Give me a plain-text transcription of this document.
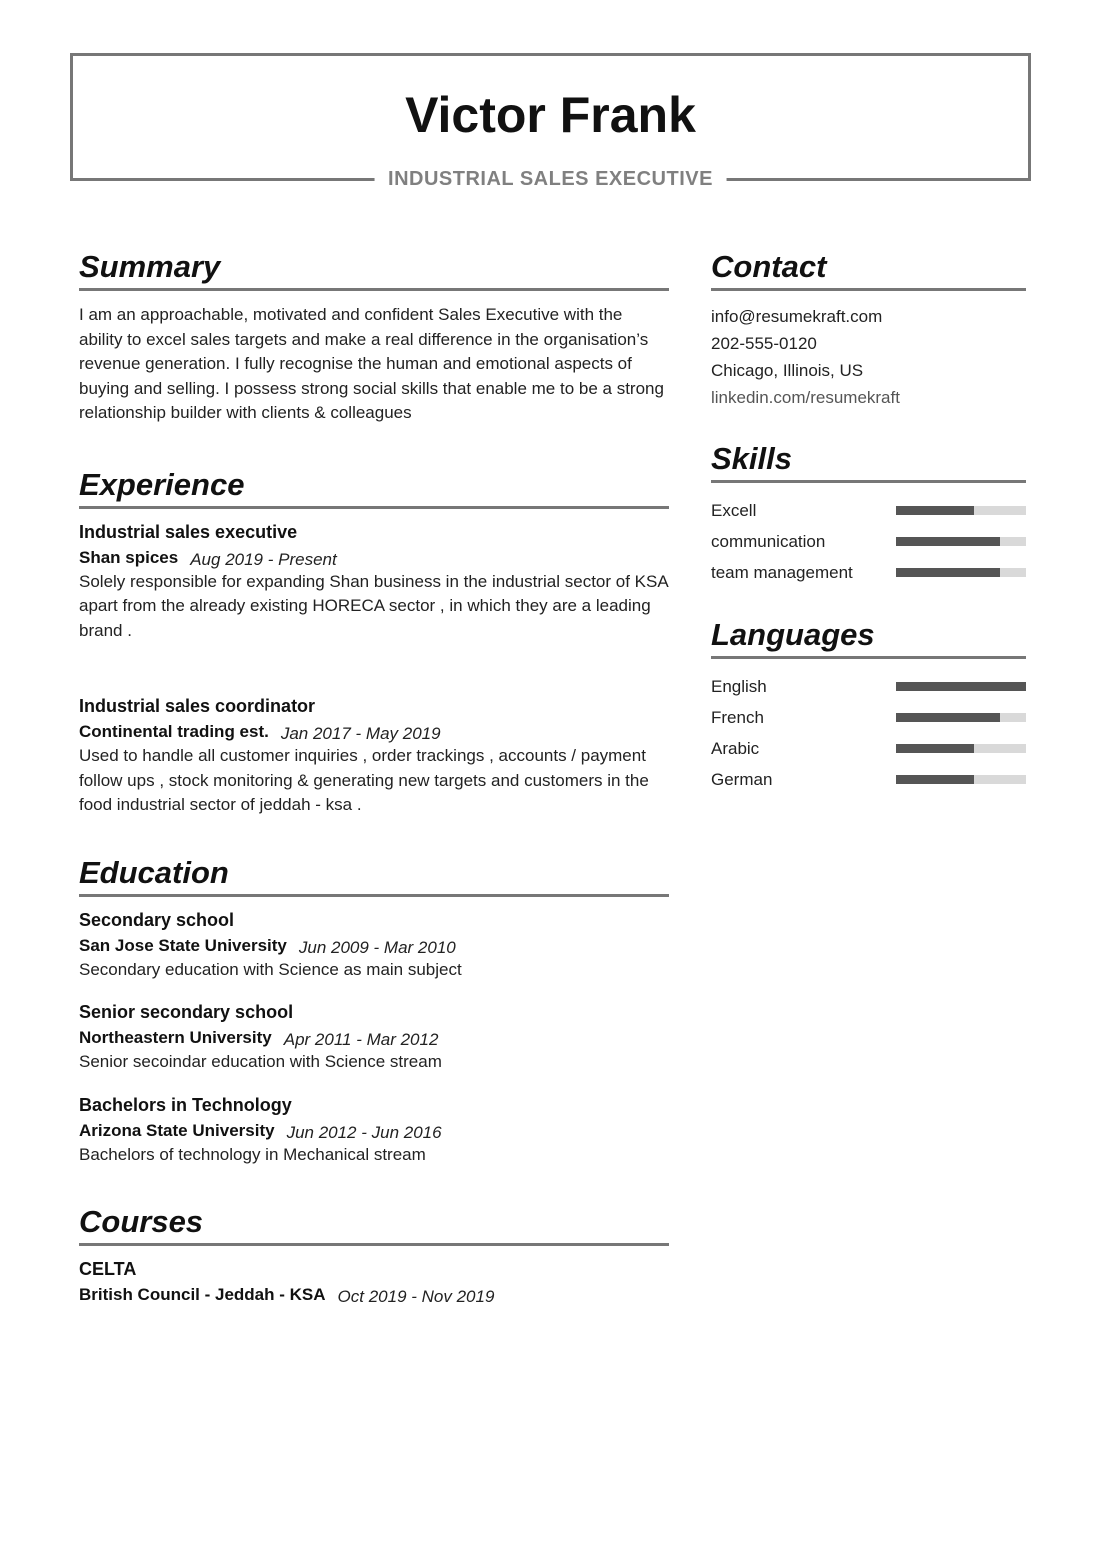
Victor Frank
INDUSTRIAL SALES EXECUTIVE
Summary
I am an approachable, motivated and confident Sales Executive with the ability to excel sales targets and make a real difference in the organisation’s revenue generation. I fully recognise the human and emotional aspects of buying and selling. I possess strong social skills that enable me to be a strong relationship builder with clients & colleagues
Experience
Industrial sales executive
Shan spices Aug 2019 - Present
Solely responsible for expanding Shan business in the industrial sector of KSA apart from the already existing HORECA sector , in which they are a leading brand .
Industrial sales coordinator
Continental trading est. Jan 2017 - May 2019
Used to handle all customer inquiries , order trackings , accounts / payment follow ups , stock monitoring & generating new targets and customers in the food industrial sector of jeddah - ksa .
Education
Secondary school
San Jose State University Jun 2009 - Mar 2010
Secondary education with Science as main subject
Senior secondary school
Northeastern University Apr 2011 - Mar 2012
Senior secoindar education with Science stream
Bachelors in Technology
Arizona State University Jun 2012 - Jun 2016
Bachelors of technology in Mechanical stream
Courses
CELTA
British Council - Jeddah - KSA Oct 2019 - Nov 2019
Contact
info@resumekraft.com
202-555-0120
Chicago, Illinois, US
linkedin.com/resumekraft
Skills
Excell
communication
team management
Languages
English
French
Arabic
German
